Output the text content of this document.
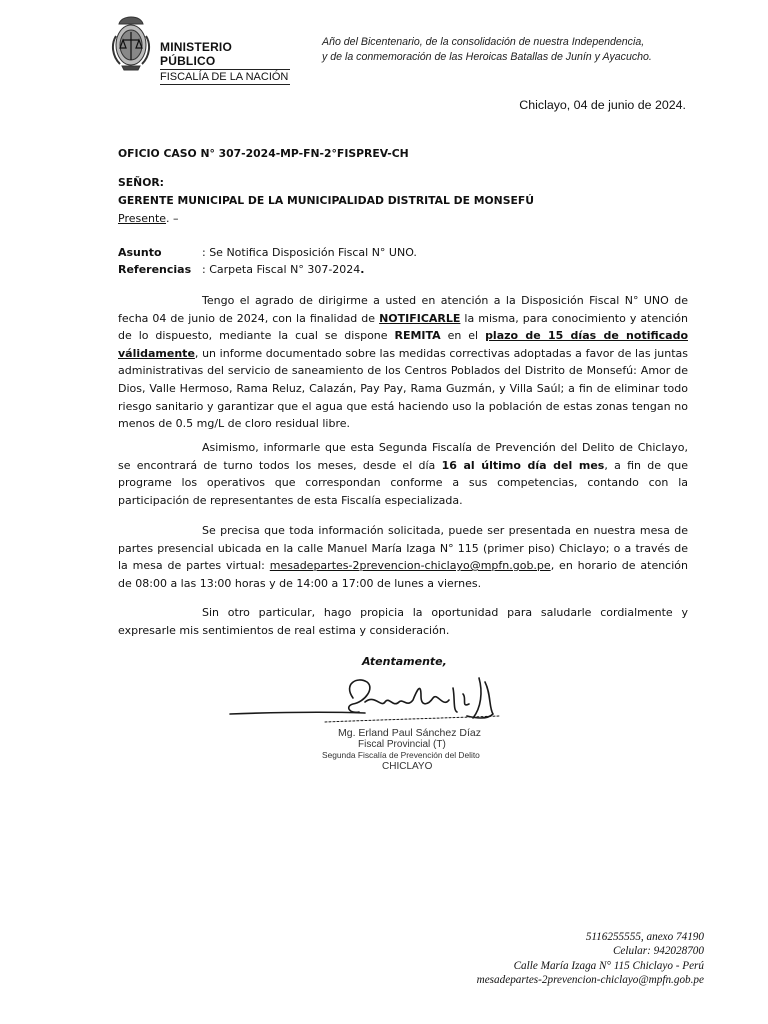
MINISTERIO PÚBLICO
FISCALÍA DE LA NACIÓN
Año del Bicentenario, de la consolidación de nuestra Independencia,
y de la conmemoración de las Heroicas Batallas de Junín y Ayacucho.
Chiclayo, 04 de junio de 2024.
OFICIO CASO N° 307-2024-MP-FN-2°FISPREV-CH
SEÑOR:
GERENTE MUNICIPAL DE LA MUNICIPALIDAD DISTRITAL DE MONSEFÚ
Presente. –
Asunto	: Se Notifica Disposición Fiscal N° UNO.
Referencias : Carpeta Fiscal N° 307-2024.
Tengo el agrado de dirigirme a usted en atención a la Disposición Fiscal N° UNO de fecha 04 de junio de 2024, con la finalidad de NOTIFICARLE la misma, para conocimiento y atención de lo dispuesto, mediante la cual se dispone REMITA en el plazo de 15 días de notificado válidamente, un informe documentado sobre las medidas correctivas adoptadas a favor de las juntas administrativas del servicio de saneamiento de los Centros Poblados del Distrito de Monsefú: Amor de Dios, Valle Hermoso, Rama Reluz, Calazán, Pay Pay, Rama Guzmán, y Villa Saúl; a fin de eliminar todo riesgo sanitario y garantizar que el agua que está haciendo uso la población de estas zonas tengan no menos de 0.5 mg/L de cloro residual libre.
Asimismo, informarle que esta Segunda Fiscalía de Prevención del Delito de Chiclayo, se encontrará de turno todos los meses, desde el día 16 al último día del mes, a fin de que programe los operativos que correspondan conforme a sus competencias, contando con la participación de representantes de esta Fiscalía especializada.
Se precisa que toda información solicitada, puede ser presentada en nuestra mesa de partes presencial ubicada en la calle Manuel María Izaga N° 115 (primer piso) Chiclayo; o a través de la mesa de partes virtual: mesadepartes-2prevencion-chiclayo@mpfn.gob.pe, en horario de atención de 08:00 a las 13:00 horas y de 14:00 a 17:00 de lunes a viernes.
Sin otro particular, hago propicia la oportunidad para saludarle cordialmente y expresarle mis sentimientos de real estima y consideración.
Atentamente,
Mg. Erland Paul Sánchez Díaz
Fiscal Provincial (T)
Segunda Fiscalía de Prevención del Delito
CHICLAYO
5116255555, anexo 74190
Celular: 942028700
Calle María Izaga N° 115 Chiclayo - Perú
mesadepartes-2prevencion-chiclayo@mpfn.gob.pe
